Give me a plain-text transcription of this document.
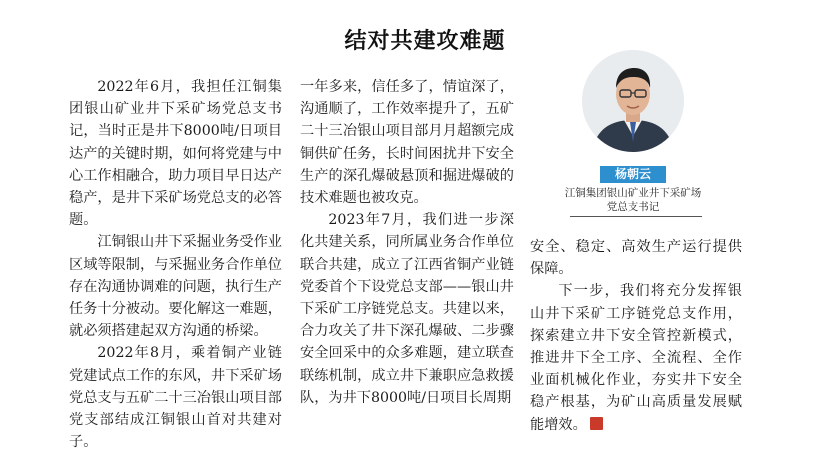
结对共建攻难题

2022年6月，我担任江铜集团银山矿业井下采矿场党总支书记，当时正是井下8000吨/日项目达产的关键时期，如何将党建与中心工作相融合，助力项目早日达产稳产，是井下采矿场党总支的必答题。

江铜银山井下采掘业务受作业区域等限制，与采掘业务合作单位存在沟通协调难的问题，执行生产任务十分被动。要化解这一难题，就必须搭建起双方沟通的桥梁。

2022年8月，乘着铜产业链党建试点工作的东风，井下采矿场党总支与五矿二十三冶银山项目部党支部结成江铜银山首对共建对子。

一年多来，信任多了，情谊深了，沟通顺了，工作效率提升了，五矿二十三冶银山项目部月月超额完成铜供矿任务，长时间困扰井下安全生产的深孔爆破悬顶和掘进爆破的技术难题也被攻克。

2023年7月，我们进一步深化共建关系，同所属业务合作单位联合共建，成立了江西省铜产业链党委首个下设党总支部——银山井下采矿工序链党总支。共建以来，合力攻关了井下深孔爆破、二步骤安全回采中的众多难题，建立联查联练机制，成立井下兼职应急救援队，为井下8000吨/日项目长周期

杨朝云
江铜集团银山矿业井下采矿场
党总支书记

安全、稳定、高效生产运行提供保障。

下一步，我们将充分发挥银山井下采矿工序链党总支作用，探索建立井下安全管控新模式，推进井下全工序、全流程、全作业面机械化作业，夯实井下安全稳产根基，为矿山高质量发展赋能增效。
